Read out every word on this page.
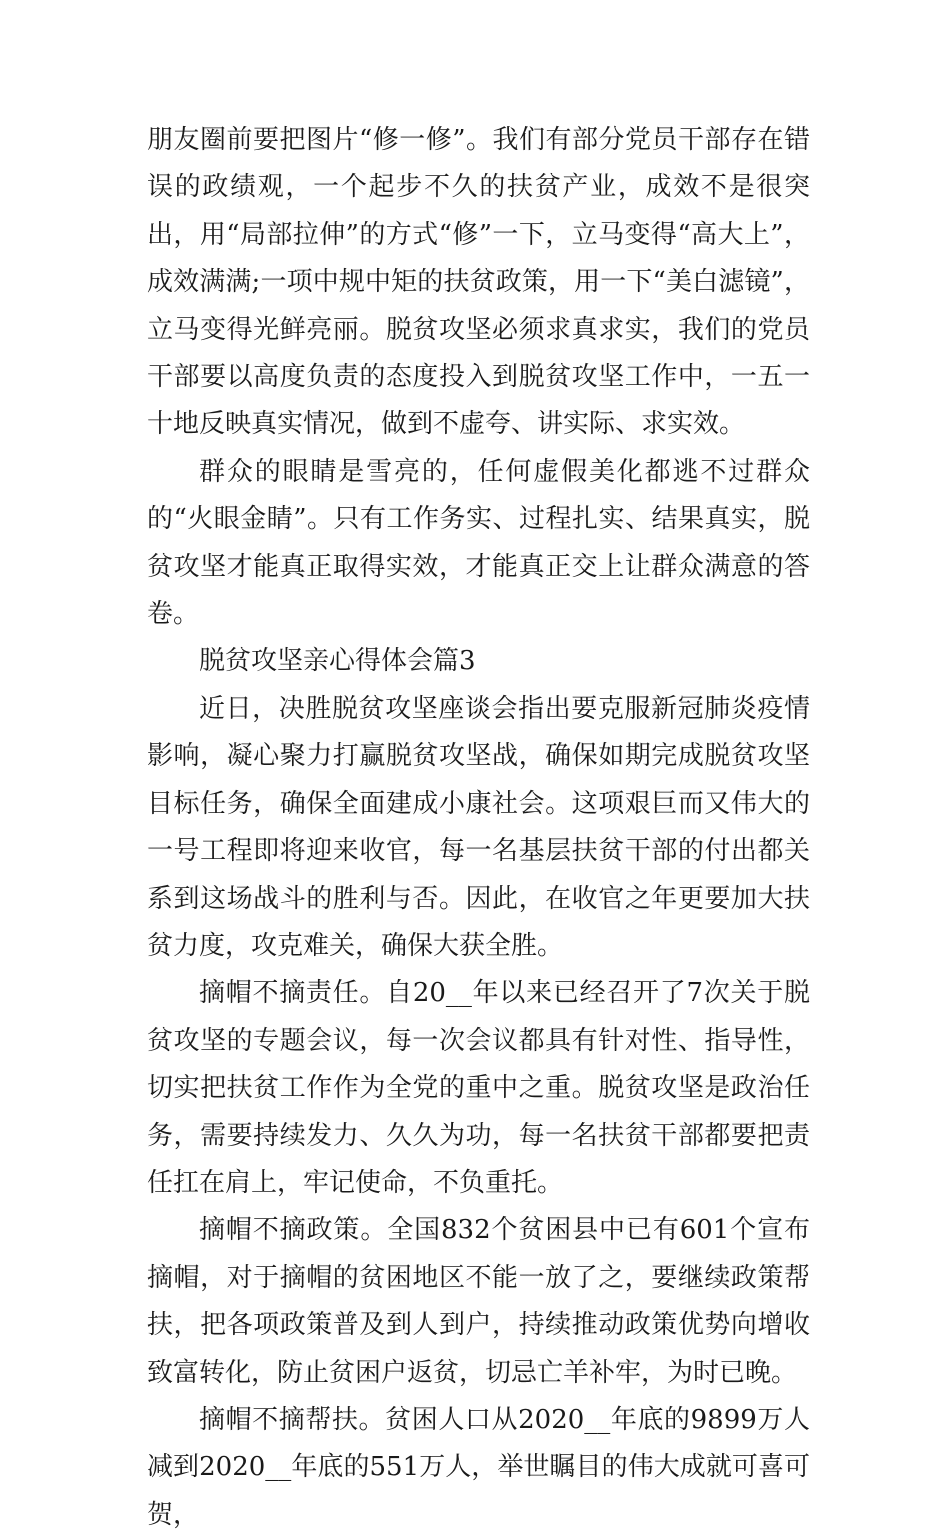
朋友圈前要把图片“修一修”。我们有部分党员干部存在错误的政绩观，一个起步不久的扶贫产业，成效不是很突出，用“局部拉伸”的方式“修”一下，立马变得“高大上”，成效满满;一项中规中矩的扶贫政策，用一下“美白滤镜”，立马变得光鲜亮丽。脱贫攻坚必须求真求实，我们的党员干部要以高度负责的态度投入到脱贫攻坚工作中，一五一十地反映真实情况，做到不虚夸、讲实际、求实效。

群众的眼睛是雪亮的，任何虚假美化都逃不过群众的“火眼金睛”。只有工作务实、过程扎实、结果真实，脱贫攻坚才能真正取得实效，才能真正交上让群众满意的答卷。

脱贫攻坚亲心得体会篇3

近日，决胜脱贫攻坚座谈会指出要克服新冠肺炎疫情影响，凝心聚力打赢脱贫攻坚战，确保如期完成脱贫攻坚目标任务，确保全面建成小康社会。这项艰巨而又伟大的一号工程即将迎来收官，每一名基层扶贫干部的付出都关系到这场战斗的胜利与否。因此，在收官之年更要加大扶贫力度，攻克难关，确保大获全胜。

摘帽不摘责任。自20__年以来已经召开了7次关于脱贫攻坚的专题会议，每一次会议都具有针对性、指导性，切实把扶贫工作作为全党的重中之重。脱贫攻坚是政治任务，需要持续发力、久久为功，每一名扶贫干部都要把责任扛在肩上，牢记使命，不负重托。

摘帽不摘政策。全国832个贫困县中已有601个宣布摘帽，对于摘帽的贫困地区不能一放了之，要继续政策帮扶，把各项政策普及到人到户，持续推动政策优势向增收致富转化，防止贫困户返贫，切忌亡羊补牢，为时已晚。

摘帽不摘帮扶。贫困人口从2020__年底的9899万人减到2020__年底的551万人，举世瞩目的伟大成就可喜可贺，
